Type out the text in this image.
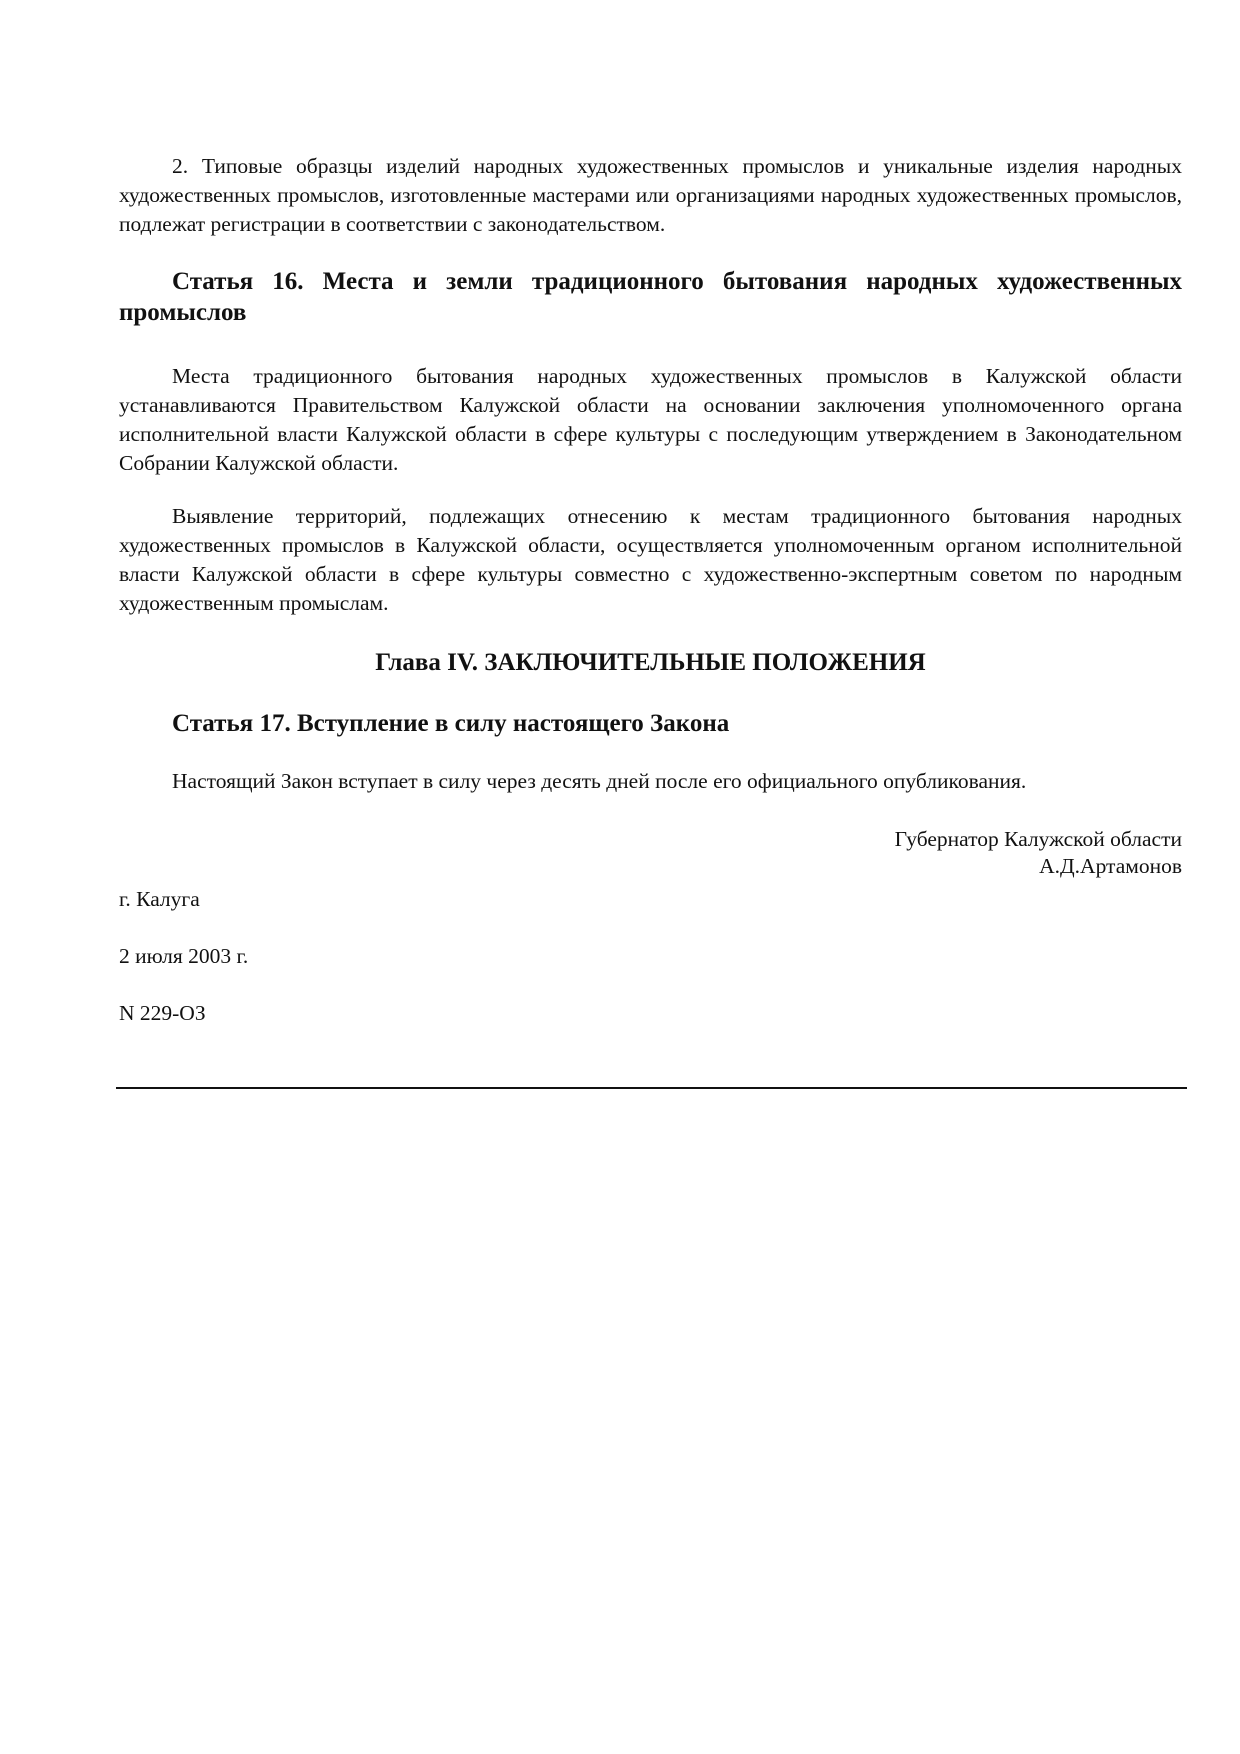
2. Типовые образцы изделий народных художественных промыслов и уникальные изделия народных художественных промыслов, изготовленные мастерами или организациями народных художественных промыслов, подлежат регистрации в соответствии с законодательством.

Статья 16. Места и земли традиционного бытования народных художественных промыслов

Места традиционного бытования народных художественных промыслов в Калужской области устанавливаются Правительством Калужской области на основании заключения уполномоченного органа исполнительной власти Калужской области в сфере культуры с последующим утверждением в Законодательном Собрании Калужской области.

Выявление территорий, подлежащих отнесению к местам традиционного бытования народных художественных промыслов в Калужской области, осуществляется уполномоченным органом исполнительной власти Калужской области в сфере культуры совместно с художественно-экспертным советом по народным художественным промыслам.

Глава IV. ЗАКЛЮЧИТЕЛЬНЫЕ ПОЛОЖЕНИЯ
Статья 17. Вступление в силу настоящего Закона

Настоящий Закон вступает в силу через десять дней после его официального опубликования.

Губернатор Калужской области
А.Д.Артамонов
г. Калуга
2 июля 2003 г.
N 229-ОЗ
